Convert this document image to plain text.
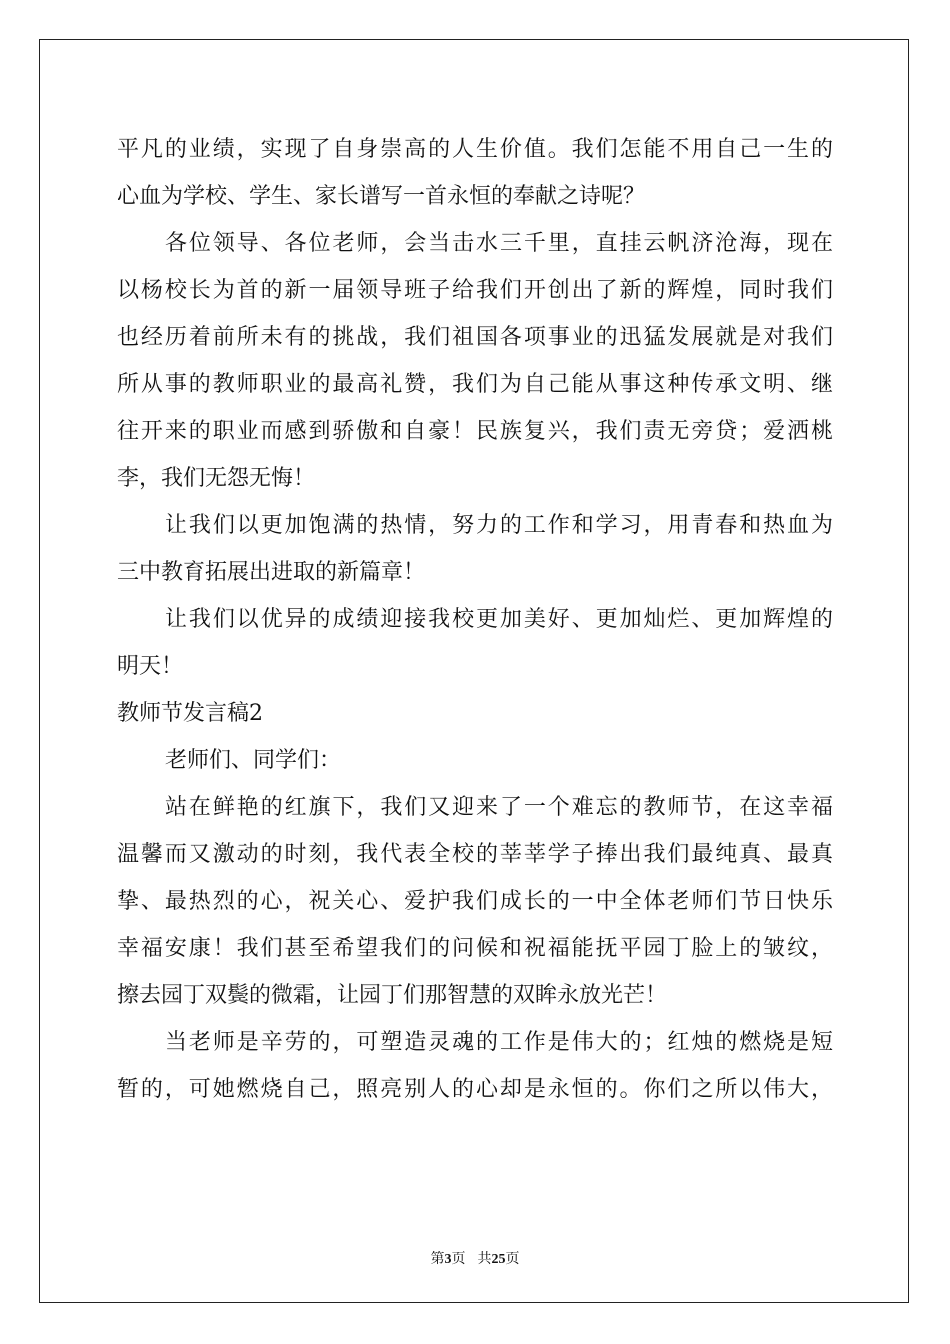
平凡的业绩，实现了自身崇高的人生价值。我们怎能不用自己一生的
心血为学校、学生、家长谱写一首永恒的奉献之诗呢？
各位领导、各位老师，会当击水三千里，直挂云帆济沧海，现在
以杨校长为首的新一届领导班子给我们开创出了新的辉煌，同时我们
也经历着前所未有的挑战，我们祖国各项事业的迅猛发展就是对我们
所从事的教师职业的最高礼赞，我们为自己能从事这种传承文明、继
往开来的职业而感到骄傲和自豪！民族复兴，我们责无旁贷；爱洒桃
李，我们无怨无悔！
让我们以更加饱满的热情，努力的工作和学习，用青春和热血为
三中教育拓展出进取的新篇章！
让我们以优异的成绩迎接我校更加美好、更加灿烂、更加辉煌的
明天！
教师节发言稿2
老师们、同学们：
站在鲜艳的红旗下，我们又迎来了一个难忘的教师节，在这幸福
温馨而又激动的时刻，我代表全校的莘莘学子捧出我们最纯真、最真
挚、最热烈的心，祝关心、爱护我们成长的一中全体老师们节日快乐
幸福安康！我们甚至希望我们的问候和祝福能抚平园丁脸上的皱纹，
擦去园丁双鬓的微霜，让园丁们那智慧的双眸永放光芒！
当老师是辛劳的，可塑造灵魂的工作是伟大的；红烛的燃烧是短
暂的，可她燃烧自己，照亮别人的心却是永恒的。你们之所以伟大，
第3页 共25页
